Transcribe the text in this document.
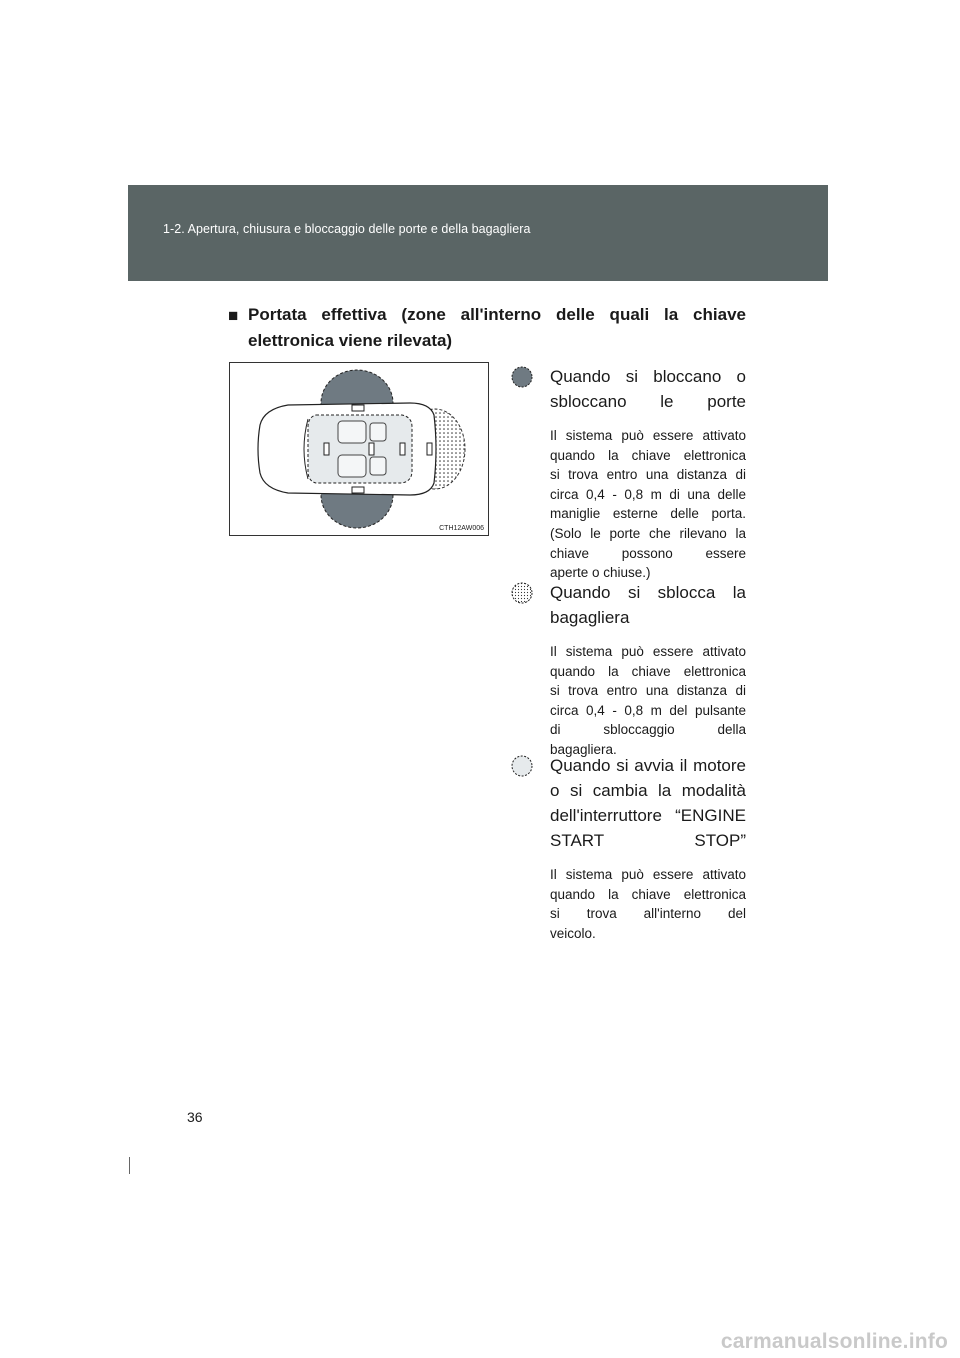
1-2. Apertura, chiusura e bloccaggio delle porte e della bagagliera
■ Portata effettiva (zone all'interno delle quali la chiave
elettronica viene rilevata)
CTH12AW006
Quando si bloccano o
sbloccano le porte
Il sistema può essere attivato
quando la chiave elettronica
si trova entro una distanza di
circa 0,4 - 0,8 m di una delle
maniglie esterne delle porta.
(Solo le porte che rilevano la
chiave possono essere
aperte o chiuse.)
Quando si sblocca la
bagagliera
Il sistema può essere attivato
quando la chiave elettronica
si trova entro una distanza di
circa 0,4 - 0,8 m del pulsante
di sbloccaggio della
bagagliera.
Quando si avvia il motore
o si cambia la modalità
dell'interruttore “ENGINE
START STOP”
Il sistema può essere attivato
quando la chiave elettronica
si trova all'interno del
veicolo.
36
carmanualsonline.info
